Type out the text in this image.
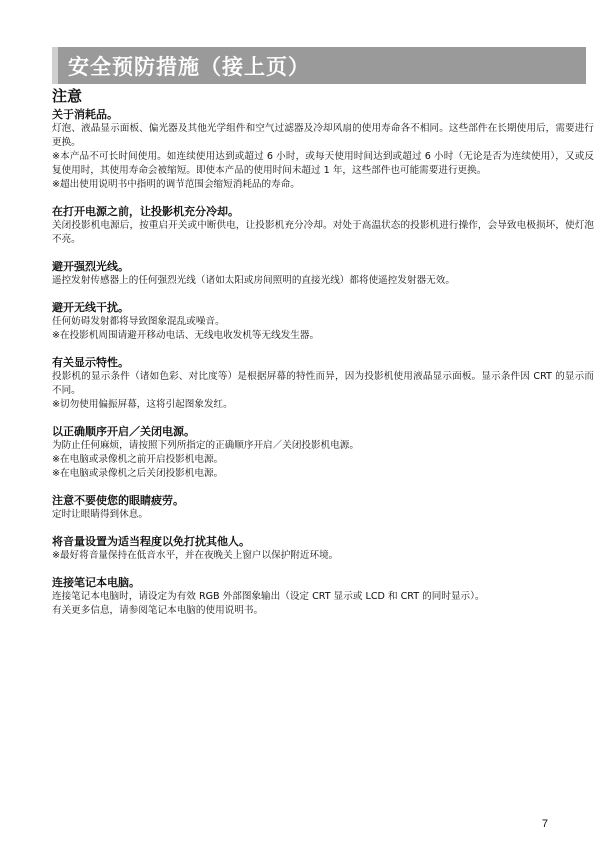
安全预防措施（接上页）
注意
关于消耗品。

灯泡、液晶显示面板、偏光器及其他光学组件和空气过滤器及冷却风扇的使用寿命各不相同。这些部件在长期使用后，需要进行更换。

※本产品不可长时间使用。如连续使用达到或超过 6 小时，或每天使用时间达到或超过 6 小时（无论是否为连续使用），又或反复使用时，其使用寿命会被缩短。即使本产品的使用时间未超过 1 年，这些部件也可能需要进行更换。

※超出使用说明书中指明的调节范围会缩短消耗品的寿命。

在打开电源之前，让投影机充分冷却。

关闭投影机电源后，按重启开关或中断供电，让投影机充分冷却。对处于高温状态的投影机进行操作，会导致电极损坏，使灯泡不亮。

避开强烈光线。

遥控发射传感器上的任何强烈光线（诸如太阳或房间照明的直接光线）都将使遥控发射器无效。

避开无线干扰。

任何妨碍发射都将导致图象混乱或噪音。

※在投影机周围请避开移动电话、无线电收发机等无线发生器。

有关显示特性。

投影机的显示条件（诸如色彩、对比度等）是根据屏幕的特性而异，因为投影机使用液晶显示面板。显示条件因 CRT 的显示而不同。

※切勿使用偏振屏幕，这将引起图象发红。

以正确顺序开启／关闭电源。

为防止任何麻烦，请按照下列所指定的正确顺序开启／关闭投影机电源。

※在电脑或录像机之前开启投影机电源。

※在电脑或录像机之后关闭投影机电源。

注意不要使您的眼睛疲劳。

定时让眼睛得到休息。

将音量设置为适当程度以免打扰其他人。

※最好将音量保持在低音水平，并在夜晚关上窗户以保护附近环境。

连接笔记本电脑。

连接笔记本电脑时，请设定为有效 RGB 外部图象输出（设定 CRT 显示或 LCD 和 CRT 的同时显示）。

有关更多信息，请参阅笔记本电脑的使用说明书。

7
